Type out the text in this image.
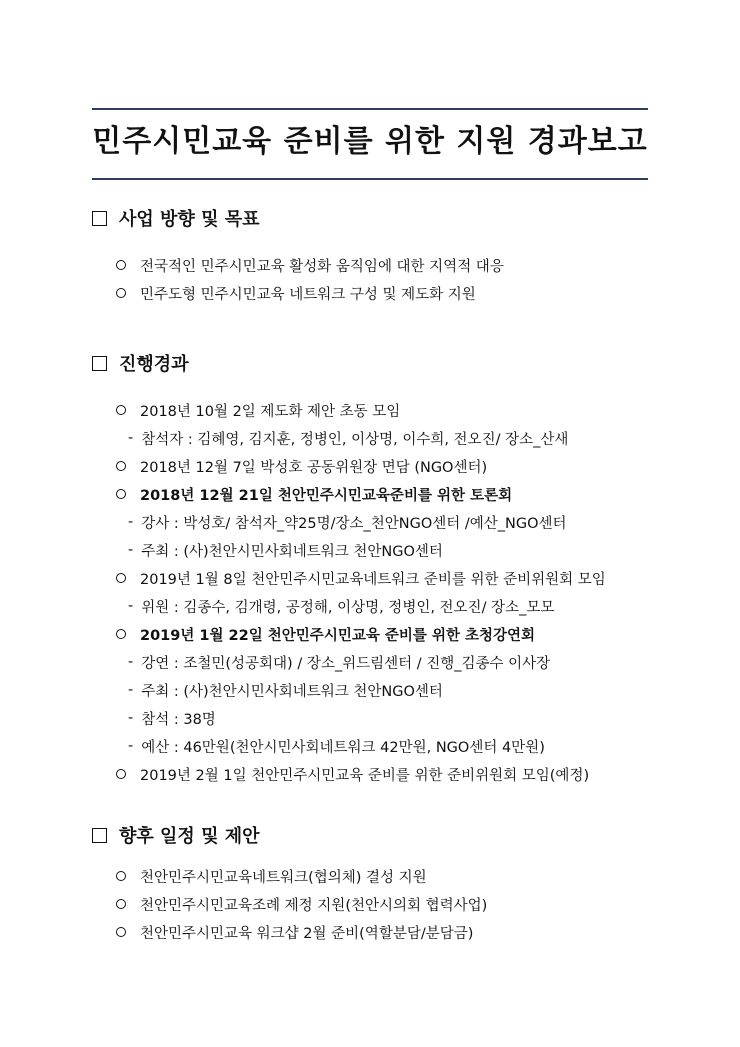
민주시민교육 준비를 위한 지원 경과보고
사업 방향 및 목표
전국적인 민주시민교육 활성화 움직임에 대한 지역적 대응
민주도형 민주시민교육 네트워크 구성 및 제도화 지원
진행경과
2018년 10월 2일 제도화 제안 초동 모임
- 참석자 : 김혜영, 김지훈, 정병인, 이상명, 이수희, 전오진/ 장소_산새
2018년 12월 7일 박성호 공동위원장 면담 (NGO센터)
2018년 12월 21일 천안민주시민교육준비를 위한 토론회
- 강사 : 박성호/ 참석자_약25명/장소_천안NGO센터 /예산_NGO센터
- 주최 : (사)천안시민사회네트워크 천안NGO센터
2019년 1월 8일 천안민주시민교육네트워크 준비를 위한 준비위원회 모임
- 위원 : 김종수, 김개령, 공정해, 이상명, 정병인, 전오진/ 장소_모모
2019년 1월 22일 천안민주시민교육 준비를 위한 초청강연회
- 강연 : 조철민(성공회대) / 장소_위드림센터 / 진행_김종수 이사장
- 주최 : (사)천안시민사회네트워크 천안NGO센터
- 참석 : 38명
- 예산 : 46만원(천안시민사회네트워크 42만원, NGO센터 4만원)
2019년 2월 1일 천안민주시민교육 준비를 위한 준비위원회 모임(예정)
향후 일정 및 제안
천안민주시민교육네트워크(협의체) 결성 지원
천안민주시민교육조례 제정 지원(천안시의회 협력사업)
천안민주시민교육 워크샵 2월 준비(역할분담/분담금)
